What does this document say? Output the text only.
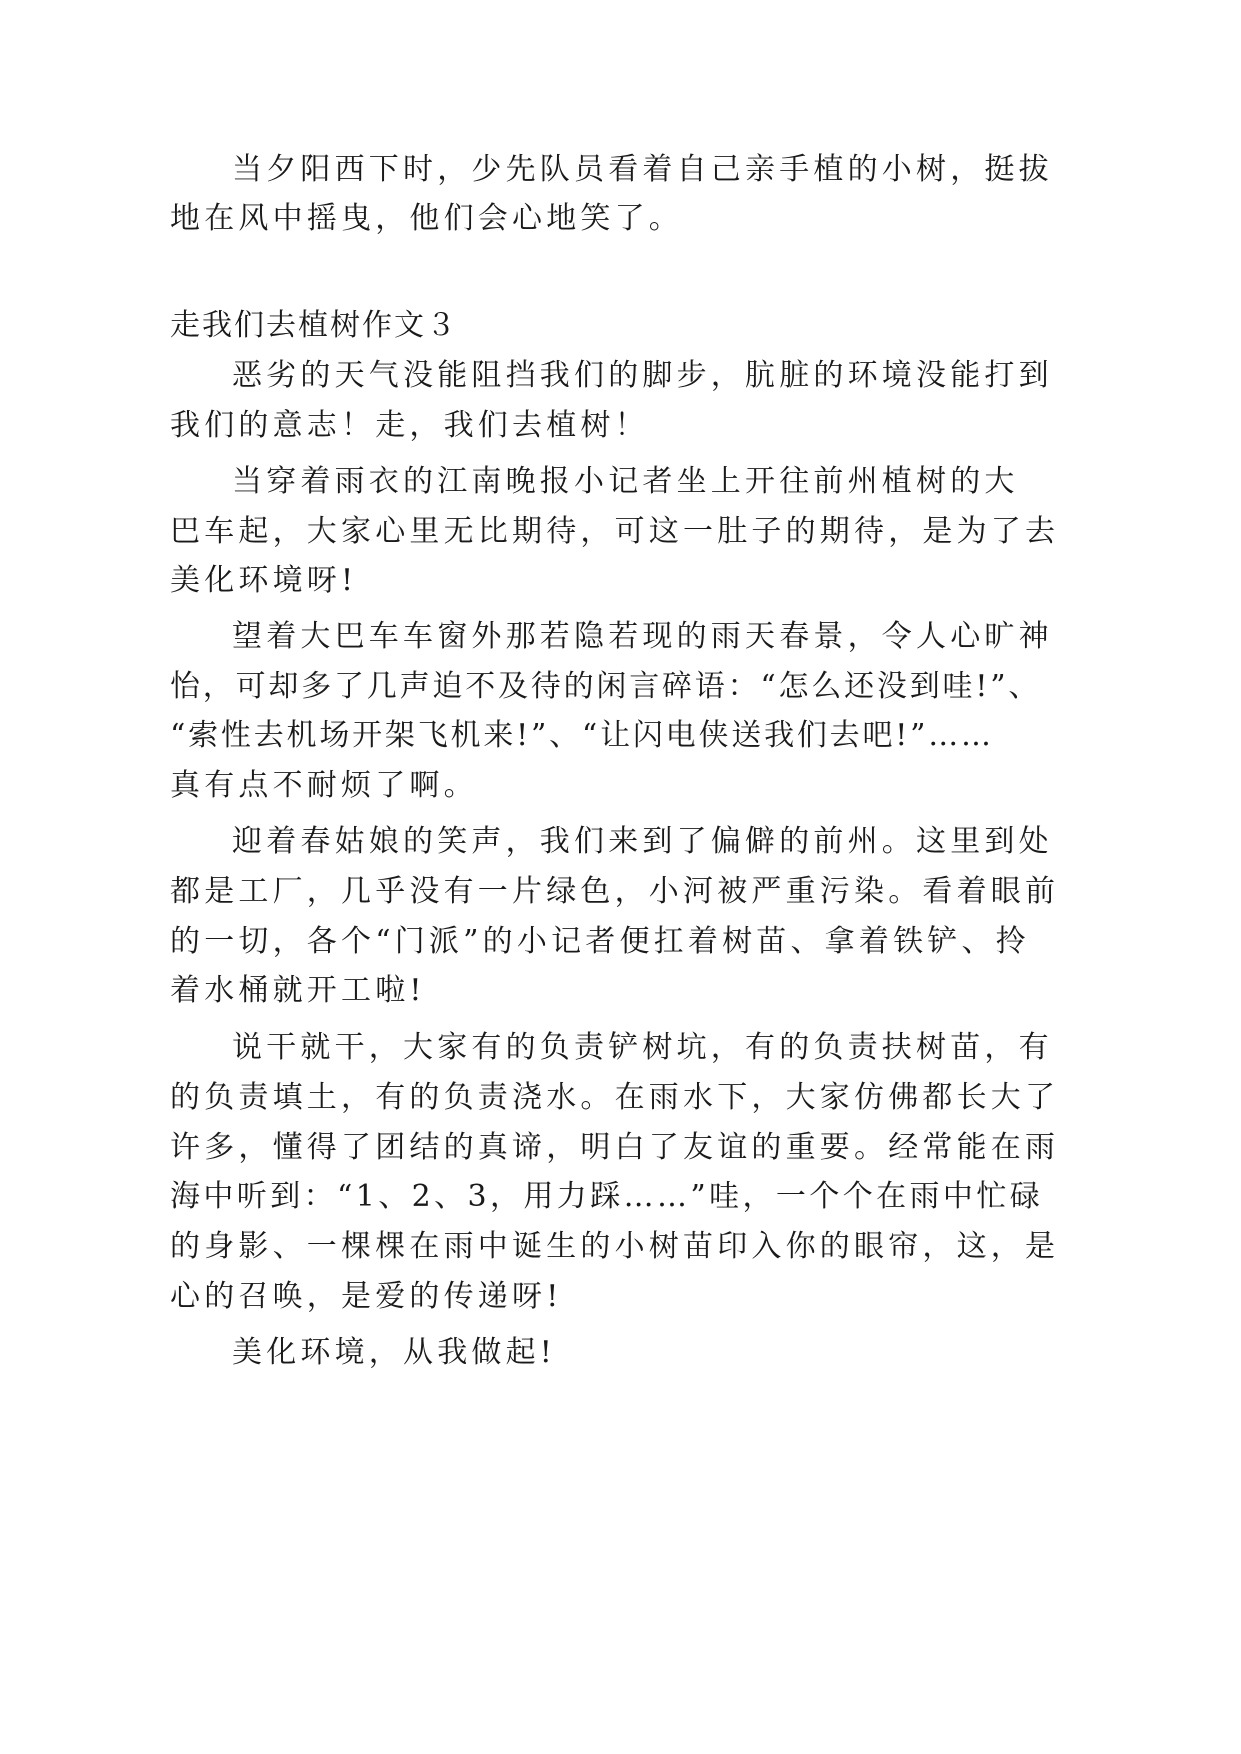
当夕阳西下时，少先队员看着自己亲手植的小树，挺拔

地在风中摇曳，他们会心地笑了。

走我们去植树作文３

恶劣的天气没能阻挡我们的脚步，肮脏的环境没能打到

我们的意志！走，我们去植树！

当穿着雨衣的江南晚报小记者坐上开往前州植树的大

巴车起，大家心里无比期待，可这一肚子的期待，是为了去

美化环境呀!

望着大巴车车窗外那若隐若现的雨天春景，令人心旷神

怡，可却多了几声迫不及待的闲言碎语：“怎么还没到哇!”、

“索性去机场开架飞机来!”、“让闪电侠送我们去吧!”……

真有点不耐烦了啊。

迎着春姑娘的笑声，我们来到了偏僻的前州。这里到处

都是工厂，几乎没有一片绿色，小河被严重污染。看着眼前

的一切，各个“门派”的小记者便扛着树苗、拿着铁铲、拎

着水桶就开工啦!

说干就干，大家有的负责铲树坑，有的负责扶树苗，有

的负责填土，有的负责浇水。在雨水下，大家仿佛都长大了

许多，懂得了团结的真谛，明白了友谊的重要。经常能在雨

海中听到：“1、2、3，用力踩……”哇，一个个在雨中忙碌

的身影、一棵棵在雨中诞生的小树苗印入你的眼帘，这，是

心的召唤，是爱的传递呀!

美化环境，从我做起!
